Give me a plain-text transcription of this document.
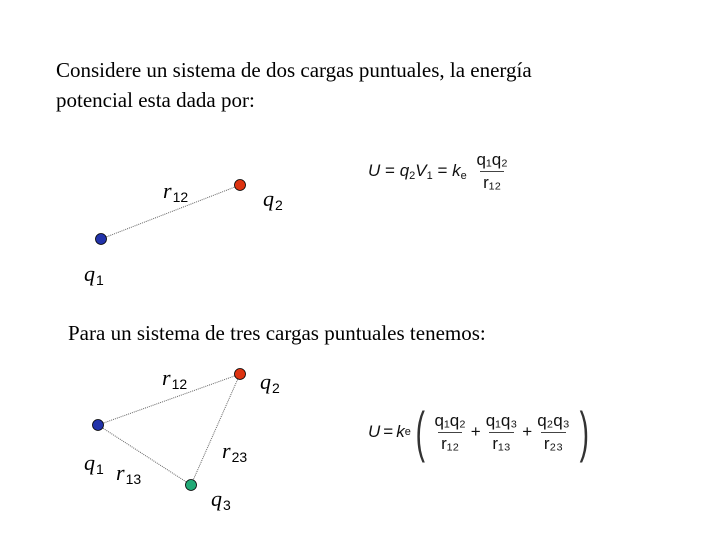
Considere un sistema de dos cargas puntuales, la energía
potencial esta dada por:
r12	q2
q1
$U = q_2V_1 = k_e \frac{\text{q₁q₂}}{\text{r₁₂}}$
Para un sistema de tres cargas puntuales tenemos:
r12	q2
r23
q1 r13
q3
U = k e ( $\frac{\text{q₁q₂}}{\text{r₁₂}} + \frac{\text{q₁q₃}}{\text{r₁₃}} + \frac{\text{q₂q₃}}{\text{r₂₃}}$ )
